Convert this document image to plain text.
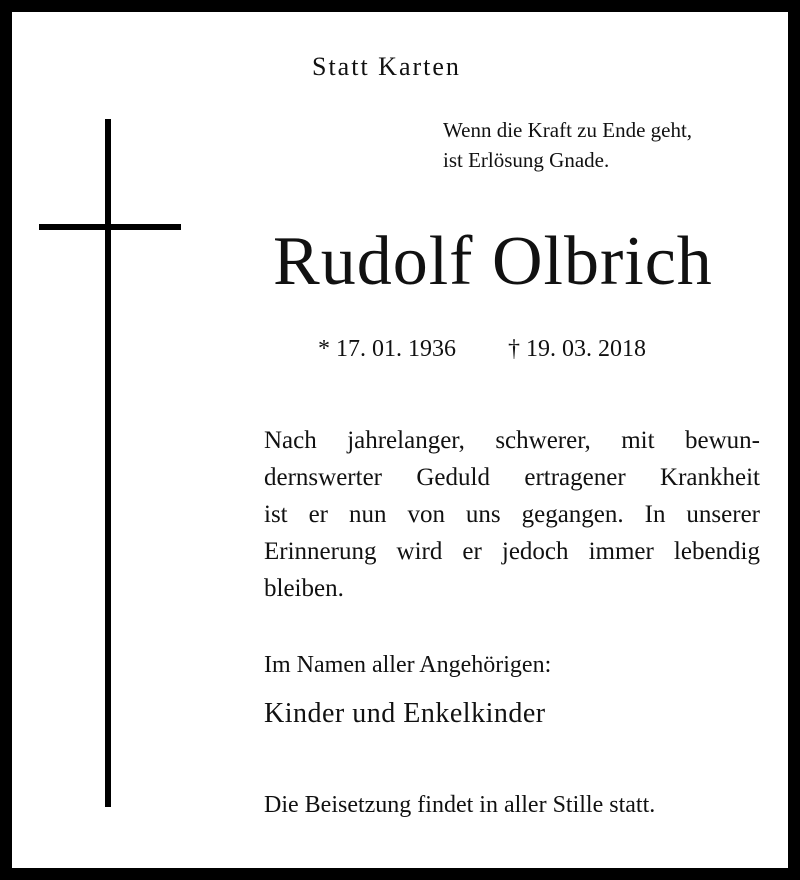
Statt Karten
Wenn die Kraft zu Ende geht,
ist Erlösung Gnade.
Rudolf Olbrich
* 17. 01. 1936 † 19. 03. 2018
Nach jahrelanger, schwerer, mit bewun-
dernswerter Geduld ertragener Krankheit
ist er nun von uns gegangen. In unserer
Erinnerung wird er jedoch immer lebendig
bleiben.
Im Namen aller Angehörigen:
Kinder und Enkelkinder
Die Beisetzung findet in aller Stille statt.
